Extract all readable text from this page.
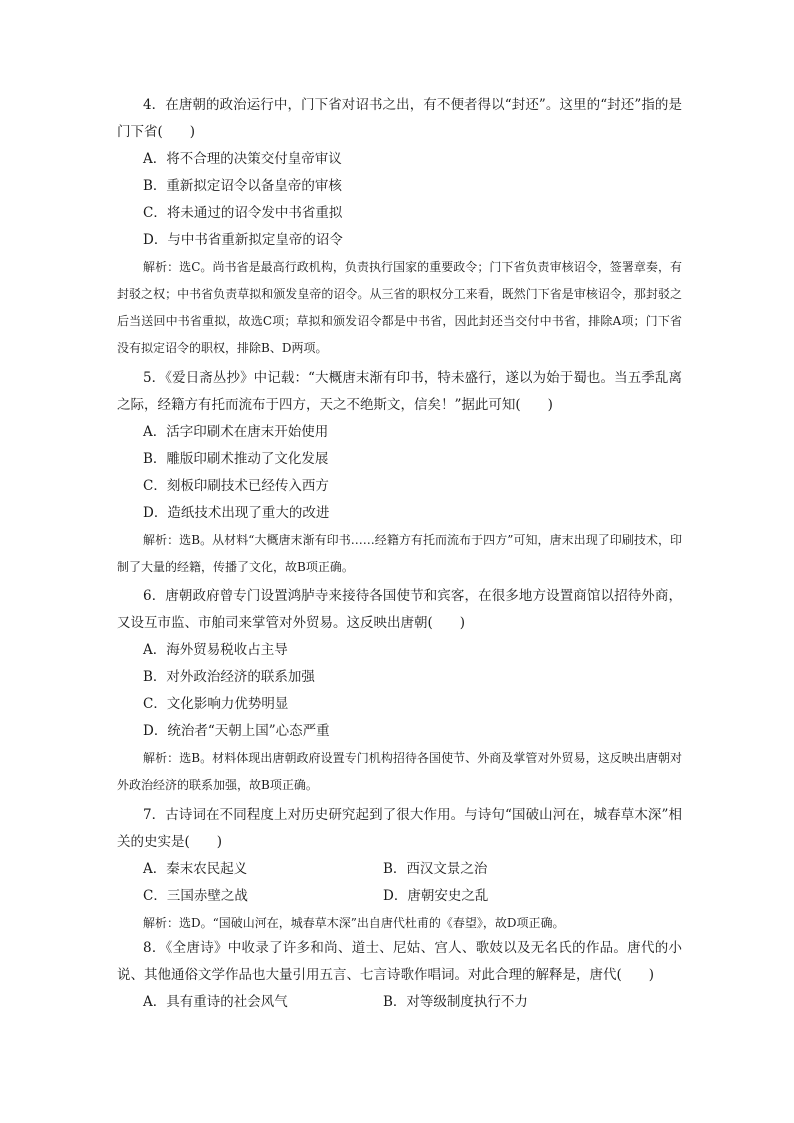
4．在唐朝的政治运行中，门下省对诏书之出，有不便者得以“封还”。这里的“封还”指的是门下省(　　)
A．将不合理的决策交付皇帝审议
B．重新拟定诏令以备皇帝的审核
C．将未通过的诏令发中书省重拟
D．与中书省重新拟定皇帝的诏令
解析：选C。尚书省是最高行政机构，负责执行国家的重要政令；门下省负责审核诏令，签署章奏，有封驳之权；中书省负责草拟和颁发皇帝的诏令。从三省的职权分工来看，既然门下省是审核诏令，那封驳之后当送回中书省重拟，故选C项；草拟和颁发诏令都是中书省，因此封还当交付中书省，排除A项；门下省没有拟定诏令的职权，排除B、D两项。
5．《爱日斋丛抄》中记载：“大概唐末渐有印书，特未盛行，遂以为始于蜀也。当五季乱离之际，经籍方有托而流布于四方，天之不绝斯文，信矣！”据此可知(　　)
A．活字印刷术在唐末开始使用
B．雕版印刷术推动了文化发展
C．刻板印刷技术已经传入西方
D．造纸技术出现了重大的改进
解析：选B。从材料“大概唐末渐有印书……经籍方有托而流布于四方”可知，唐末出现了印刷技术，印制了大量的经籍，传播了文化，故B项正确。
6．唐朝政府曾专门设置鸿胪寺来接待各国使节和宾客，在很多地方设置商馆以招待外商，又设互市监、市舶司来掌管对外贸易。这反映出唐朝(　　)
A．海外贸易税收占主导
B．对外政治经济的联系加强
C．文化影响力优势明显
D．统治者“天朝上国”心态严重
解析：选B。材料体现出唐朝政府设置专门机构招待各国使节、外商及掌管对外贸易，这反映出唐朝对外政治经济的联系加强，故B项正确。
7．古诗词在不同程度上对历史研究起到了很大作用。与诗句“国破山河在，城春草木深”相关的史实是(　　)
A．秦末农民起义	B．西汉文景之治
C．三国赤壁之战	D．唐朝安史之乱
解析：选D。“国破山河在，城春草木深”出自唐代杜甫的《春望》，故D项正确。
8．《全唐诗》中收录了许多和尚、道士、尼姑、宫人、歌妓以及无名氏的作品。唐代的小说、其他通俗文学作品也大量引用五言、七言诗歌作唱词。对此合理的解释是，唐代(　　)
A．具有重诗的社会风气	B．对等级制度执行不力
